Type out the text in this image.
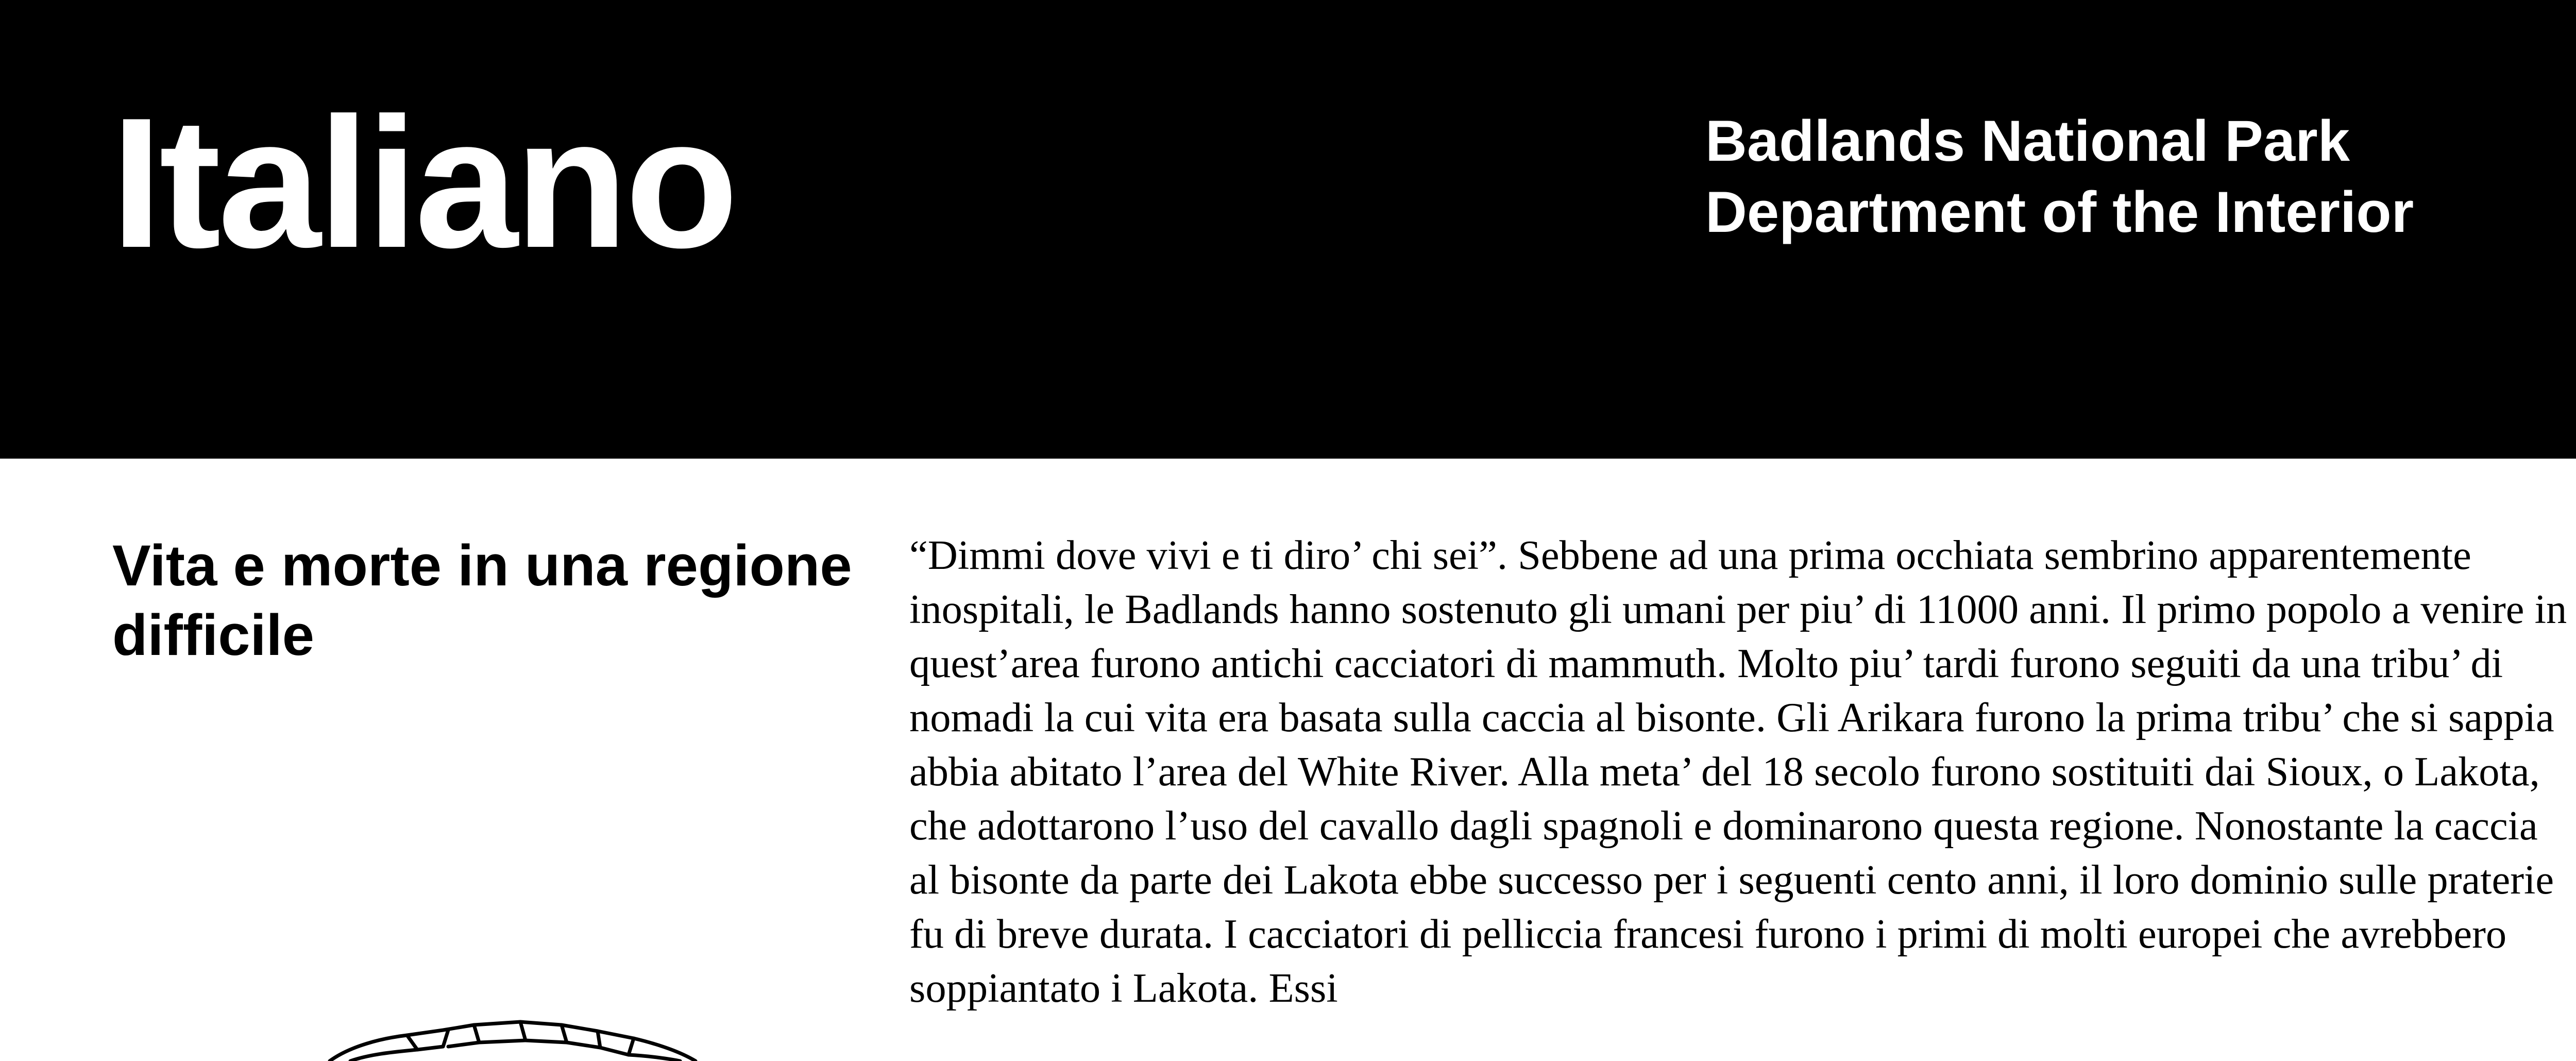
Italiano	Badlands National Park
Department of the Interior
Vita e morte in una regione difficile

“Dimmi dove vivi e ti diro’ chi sei”. Sebbene ad una prima occhiata sembrino apparentemente inospitali, le Badlands hanno sostenuto gli umani per piu’ di 11000 anni. Il primo popolo a venire in quest’area furono antichi cacciatori di mammuth. Molto piu’ tardi furono seguiti da una tribu’ di nomadi la cui vita era basata sulla caccia al bisonte. Gli Arikara furono la prima tribu’ che si sappia abbia abitato l’area del White River. Alla meta’ del 18 secolo furono sostituiti dai Sioux, o Lakota, che adottarono l’uso del cavallo dagli spagnoli e dominarono questa regione. Nonostante la caccia al bisonte da parte dei Lakota ebbe successo per i seguenti cento anni, il loro dominio sulle praterie fu di breve durata. I cacciatori di pelliccia francesi furono i primi di molti europei che avrebbero soppiantato i Lakota. Essi
